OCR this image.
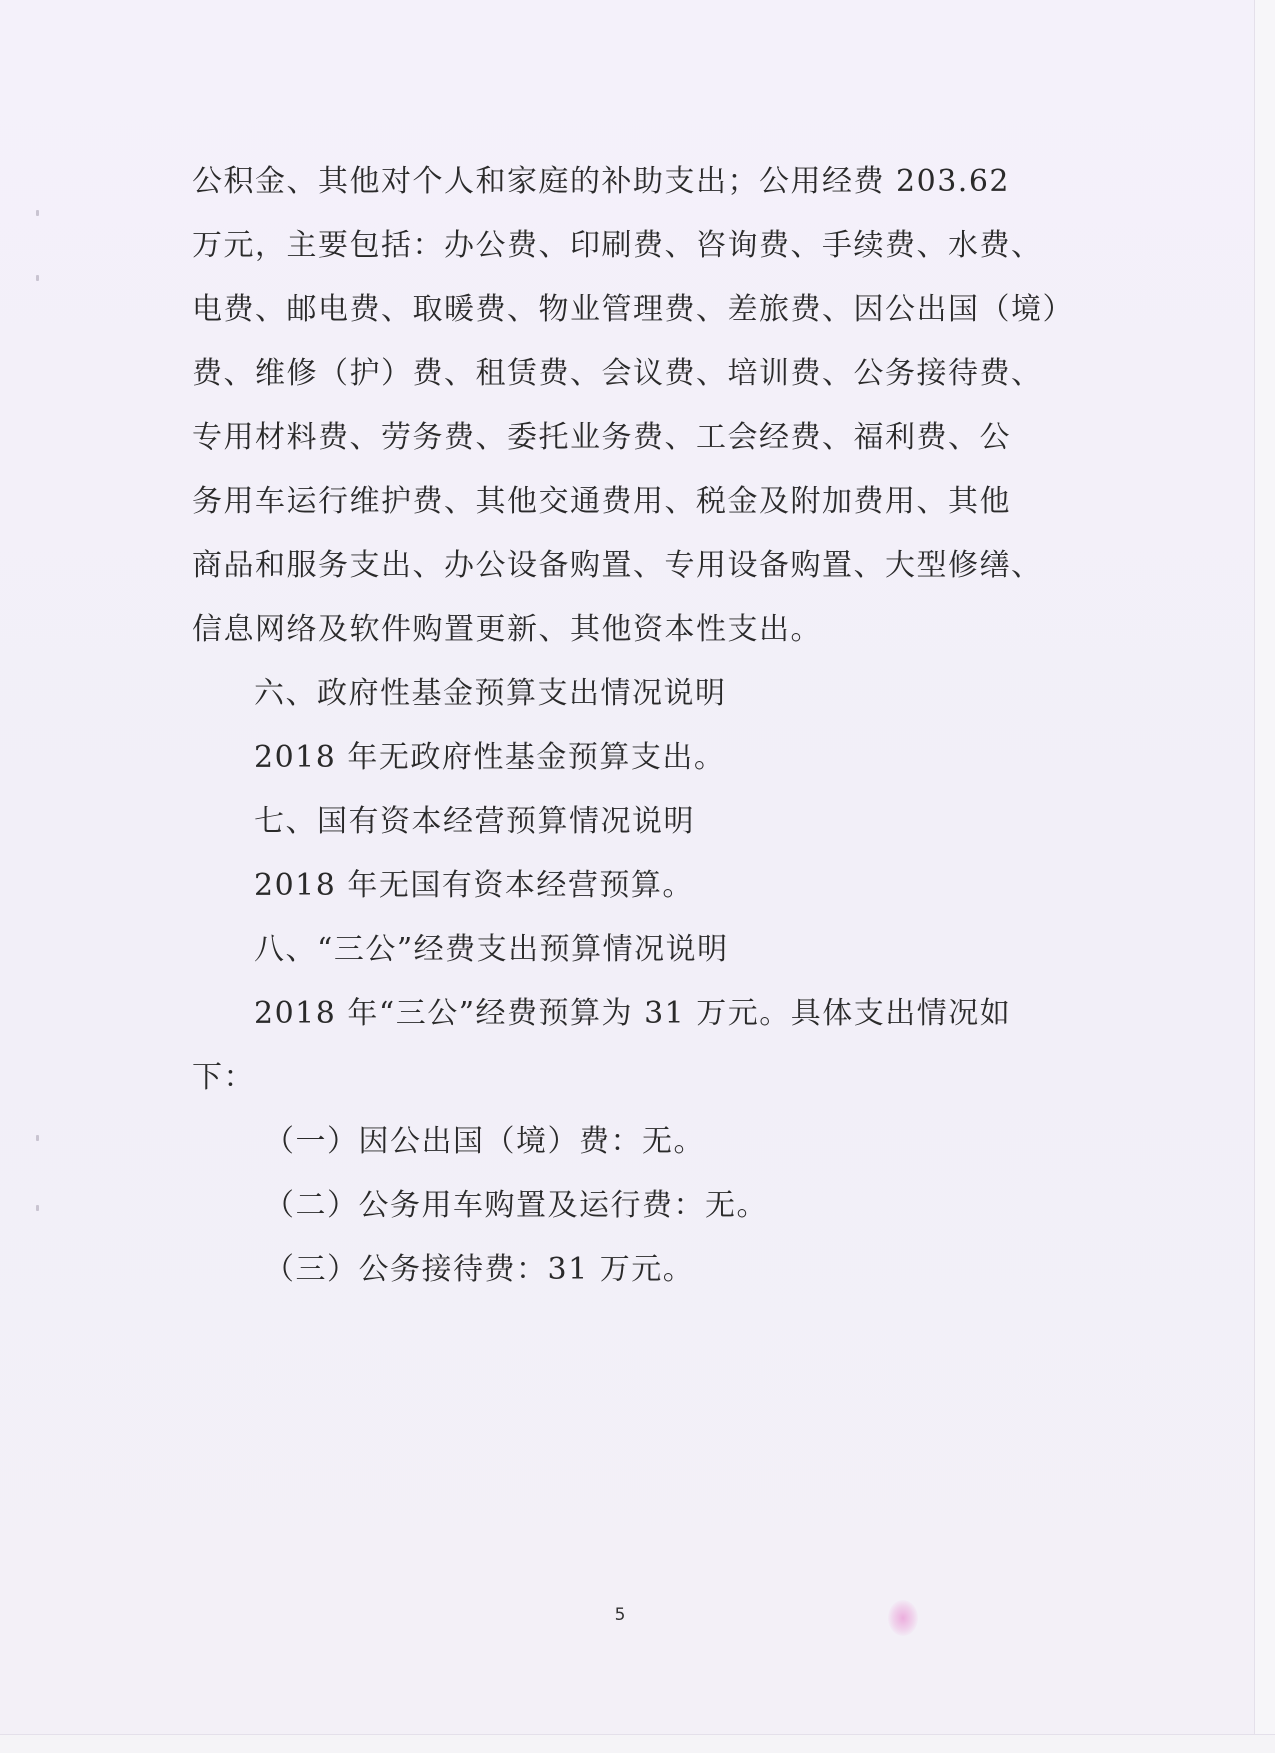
公积金、其他对个人和家庭的补助支出；公用经费 203.62
万元，主要包括：办公费、印刷费、咨询费、手续费、水费、
电费、邮电费、取暖费、物业管理费、差旅费、因公出国（境）
费、维修（护）费、租赁费、会议费、培训费、公务接待费、
专用材料费、劳务费、委托业务费、工会经费、福利费、公
务用车运行维护费、其他交通费用、税金及附加费用、其他
商品和服务支出、办公设备购置、专用设备购置、大型修缮、
信息网络及软件购置更新、其他资本性支出。
六、政府性基金预算支出情况说明
2018 年无政府性基金预算支出。
七、国有资本经营预算情况说明
2018 年无国有资本经营预算。
八、“三公”经费支出预算情况说明
2018 年“三公”经费预算为 31 万元。具体支出情况如
下：
（一）因公出国（境）费：无。
（二）公务用车购置及运行费：无。
（三）公务接待费：31 万元。
5
